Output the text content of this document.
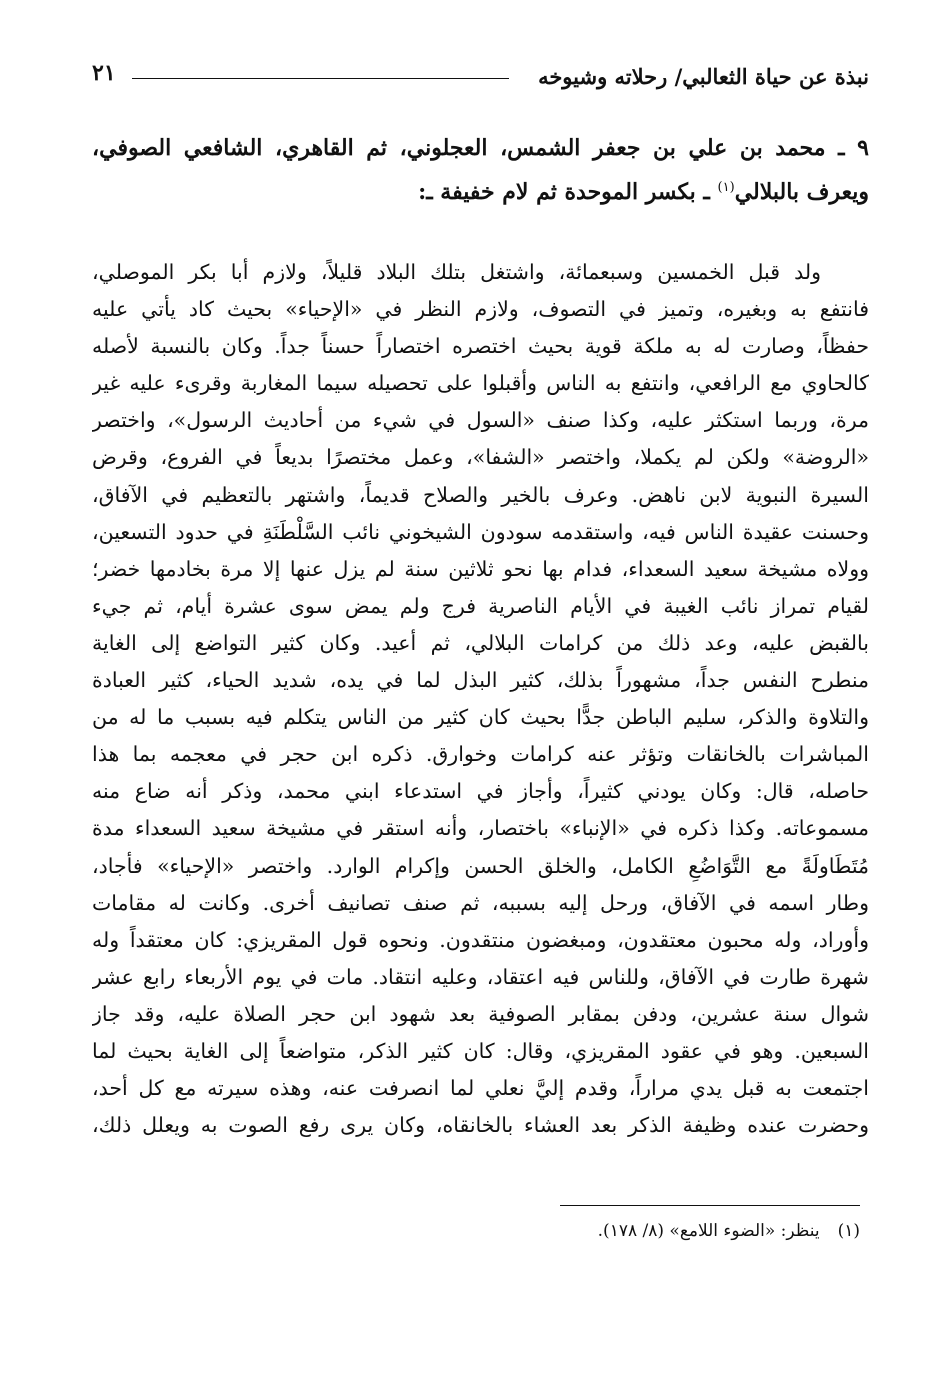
نبذة عن حياة الثعالبي/ رحلاته وشيوخه
٢١
٩ ـ محمد بن علي بن جعفر الشمس، العجلوني، ثم القاهري، الشافعي الصوفي،
ويعرف بالبلالي$^{(١)}$ ـ بكسر الموحدة ثم لام خفيفة ـ:
ولد قبل الخمسين وسبعمائة، واشتغل بتلك البلاد قليلاً، ولازم أبا بكر الموصلي،
فانتفع به وبغيره، وتميز في التصوف، ولازم النظر في «الإحياء» بحيث كاد يأتي عليه
حفظاً، وصارت له به ملكة قوية بحيث اختصره اختصاراً حسناً جداً. وكان بالنسبة لأصله
كالحاوي مع الرافعي، وانتفع به الناس وأقبلوا على تحصيله سيما المغاربة وقرىء عليه غير
مرة، وربما استكثر عليه، وكذا صنف «السول في شيء من أحاديث الرسول»، واختصر
«الروضة» ولكن لم يكملا، واختصر «الشفا»، وعمل مختصرًا بديعاً في الفروع، وقرض
السيرة النبوية لابن ناهض. وعرف بالخير والصلاح قديماً، واشتهر بالتعظيم في الآفاق،
وحسنت عقيدة الناس فيه، واستقدمه سودون الشيخوني نائب السَّلْطَنَةِ في حدود التسعين،
وولاه مشيخة سعيد السعداء، فدام بها نحو ثلاثين سنة لم يزل عنها إلا مرة بخادمها خضر؛
لقيام تمراز نائب الغيبة في الأيام الناصرية فرج ولم يمض سوى عشرة أيام، ثم جيء
بالقبض عليه، وعد ذلك من كرامات البلالي، ثم أعيد. وكان كثير التواضع إلى الغاية
منطرح النفس جداً، مشهوراً بذلك، كثير البذل لما في يده، شديد الحياء، كثير العبادة
والتلاوة والذكر، سليم الباطن جدًّا بحيث كان كثير من الناس يتكلم فيه بسبب ما له من
المباشرات بالخانقات وتؤثر عنه كرامات وخوارق. ذكره ابن حجر في معجمه بما هذا
حاصله، قال: وكان يودني كثيراً، وأجاز في استدعاء ابني محمد، وذكر أنه ضاع منه
مسموعاته. وكذا ذكره في «الإنباء» باختصار، وأنه استقر في مشيخة سعيد السعداء مدة
مُتَطَاولَةً مع التَّوَاضُعِ الكامل، والخلق الحسن وإكرام الوارد. واختصر «الإحياء» فأجاد،
وطار اسمه في الآفاق، ورحل إليه بسببه، ثم صنف تصانيف أخرى. وكانت له مقامات
وأوراد، وله محبون معتقدون، ومبغضون منتقدون. ونحوه قول المقريزي: كان معتقداً وله
شهرة طارت في الآفاق، وللناس فيه اعتقاد، وعليه انتقاد. مات في يوم الأربعاء رابع عشر
شوال سنة عشرين، ودفن بمقابر الصوفية بعد شهود ابن حجر الصلاة عليه، وقد جاز
السبعين. وهو في عقود المقريزي، وقال: كان كثير الذكر، متواضعاً إلى الغاية بحيث لما
اجتمعت به قبل يدي مراراً، وقدم إليَّ نعلي لما انصرفت عنه، وهذه سيرته مع كل أحد،
وحضرت عنده وظيفة الذكر بعد العشاء بالخانقاه، وكان يرى رفع الصوت به ويعلل ذلك،
(١)ينظر: «الضوء اللامع» (٨/ ١٧٨).
